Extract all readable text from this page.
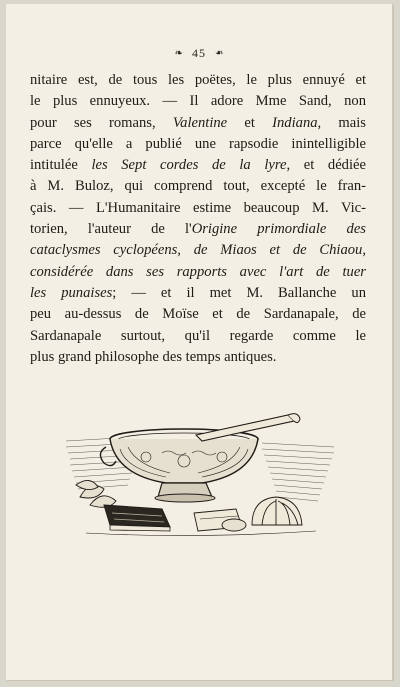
❧ 45 ❧
nitaire est, de tous les poëtes, le plus ennuyé et
le plus ennuyeux. — Il adore Mme Sand, non
pour ses romans, Valentine et Indiana, mais
parce qu'elle a publié une rapsodie inintelligible
intitulée les Sept cordes de la lyre, et dédiée
à M. Buloz, qui comprend tout, excepté le fran-
çais. — L'Humanitaire estime beaucoup M. Vic-
torien, l'auteur de l'Origine primordiale des
cataclysmes cyclopéens, de Miaos et de Chiaou,
considérée dans ses rapports avec l'art de tuer
les punaises; — et il met M. Ballanche un
peu au-dessus de Moïse et de Sardanapale, de
Sardanapale surtout, qu'il regarde comme le
plus grand philosophe des temps antiques.
